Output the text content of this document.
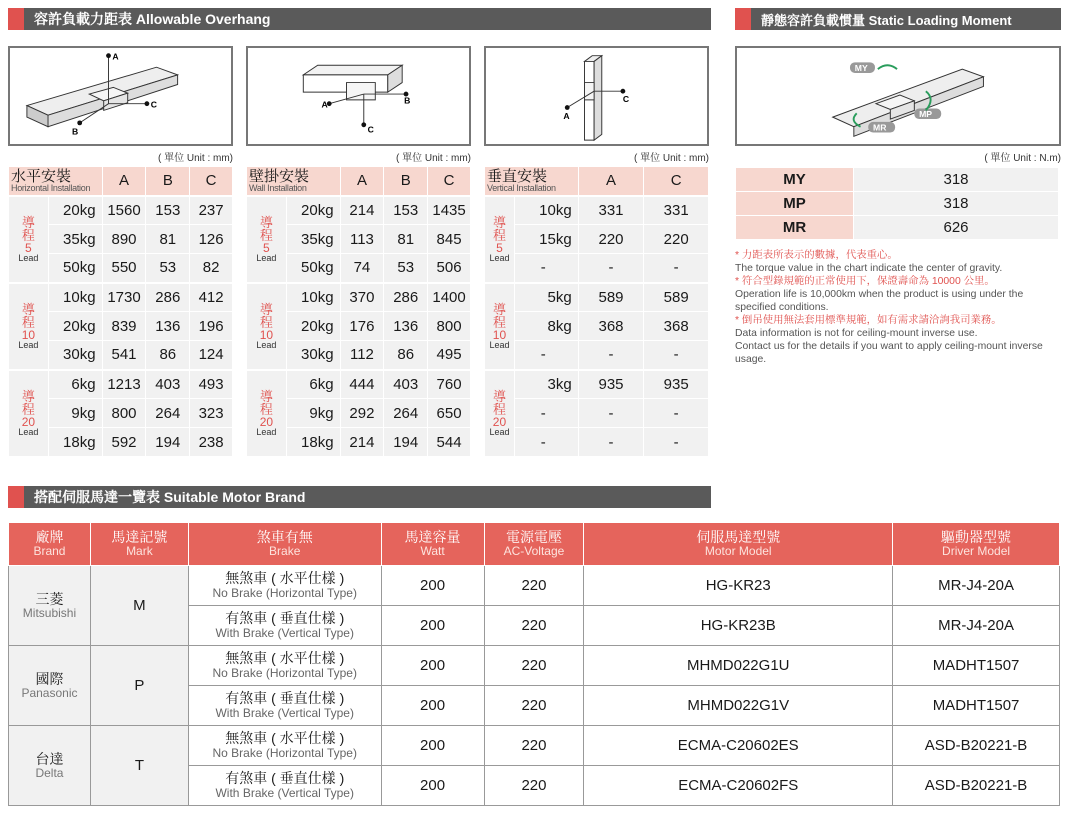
容許負載力距表 Allowable Overhang	靜態容許負載慣量 Static Loading Moment
搭配伺服馬達一覽表 Suitable Motor Brand
A
C
B
A	B
C
C
A
MY
MP
MR
( 單位 Unit : mm)	( 單位 Unit : mm)	( 單位 Unit : mm)	( 單位 Unit : N.m)
水平安裝
Horizontal Installation		A	B	C

導
程
5
Lead	20kg	1560	153	237
	35kg	890	81	126
	50kg	550	53	82

導
程
10
Lead	10kg	1730	286	412
	20kg	839	136	196
	30kg	541	86	124

導
程
20
Lead	6kg	1213	403	493
	9kg	800	264	323
	18kg	592	194	238
壁掛安裝
Wall Installation		A	B	C

導
程
5
Lead	20kg	214	153	1435
	35kg	113	81	845
	50kg	74	53	506

導
程
10
Lead	10kg	370	286	1400
	20kg	176	136	800
	30kg	112	86	495

導
程
20
Lead	6kg	444	403	760
	9kg	292	264	650
	18kg	214	194	544
垂直安裝
Vertical Installation		A	C

導
程
5
Lead	10kg	331	331
	15kg	220	220
	-	-	-

導
程
10
Lead	5kg	589	589
	8kg	368	368
	-	-	-

導
程
20
Lead	3kg	935	935
	-	-	-
	-	-	-
MY	318
MP	318
MR	626
* 力距表所表示的數據，代表重心。
The torque value in the chart indicate the center of gravity.
* 符合型錄規範的正常使用下，保證壽命為 10000 公里。
Operation life is 10,000km when the product is using under the specified conditions.
* 倒吊使用無法套用標準規範，如有需求請洽詢我司業務。
Data information is not for ceiling-mount inverse use.
Contact us for the details if you want to apply ceiling-mount inverse usage.
廠牌
Brand	馬達記號
Mark	煞車有無
Brake	馬達容量
Watt	電源電壓
AC-Voltage	伺服馬達型號
Motor Model	驅動器型號
Driver Model

三菱
Mitsubishi	M	無煞車 ( 水平仕樣 )
No Brake (Horizontal Type)	200	220	HG-KR23	MR-J4-20A

		有煞車 ( 垂直仕樣 )
With Brake (Vertical Type)	200	220	HG-KR23B	MR-J4-20A

國際
Panasonic	P	無煞車 ( 水平仕樣 )
No Brake (Horizontal Type)	200	220	MHMD022G1U	MADHT1507

		有煞車 ( 垂直仕樣 )
With Brake (Vertical Type)	200	220	MHMD022G1V	MADHT1507

台達
Delta	T	無煞車 ( 水平仕樣 )
No Brake (Horizontal Type)	200	220	ECMA-C20602ES	ASD-B20221-B

		有煞車 ( 垂直仕樣 )
With Brake (Vertical Type)	200	220	ECMA-C20602FS	ASD-B20221-B
